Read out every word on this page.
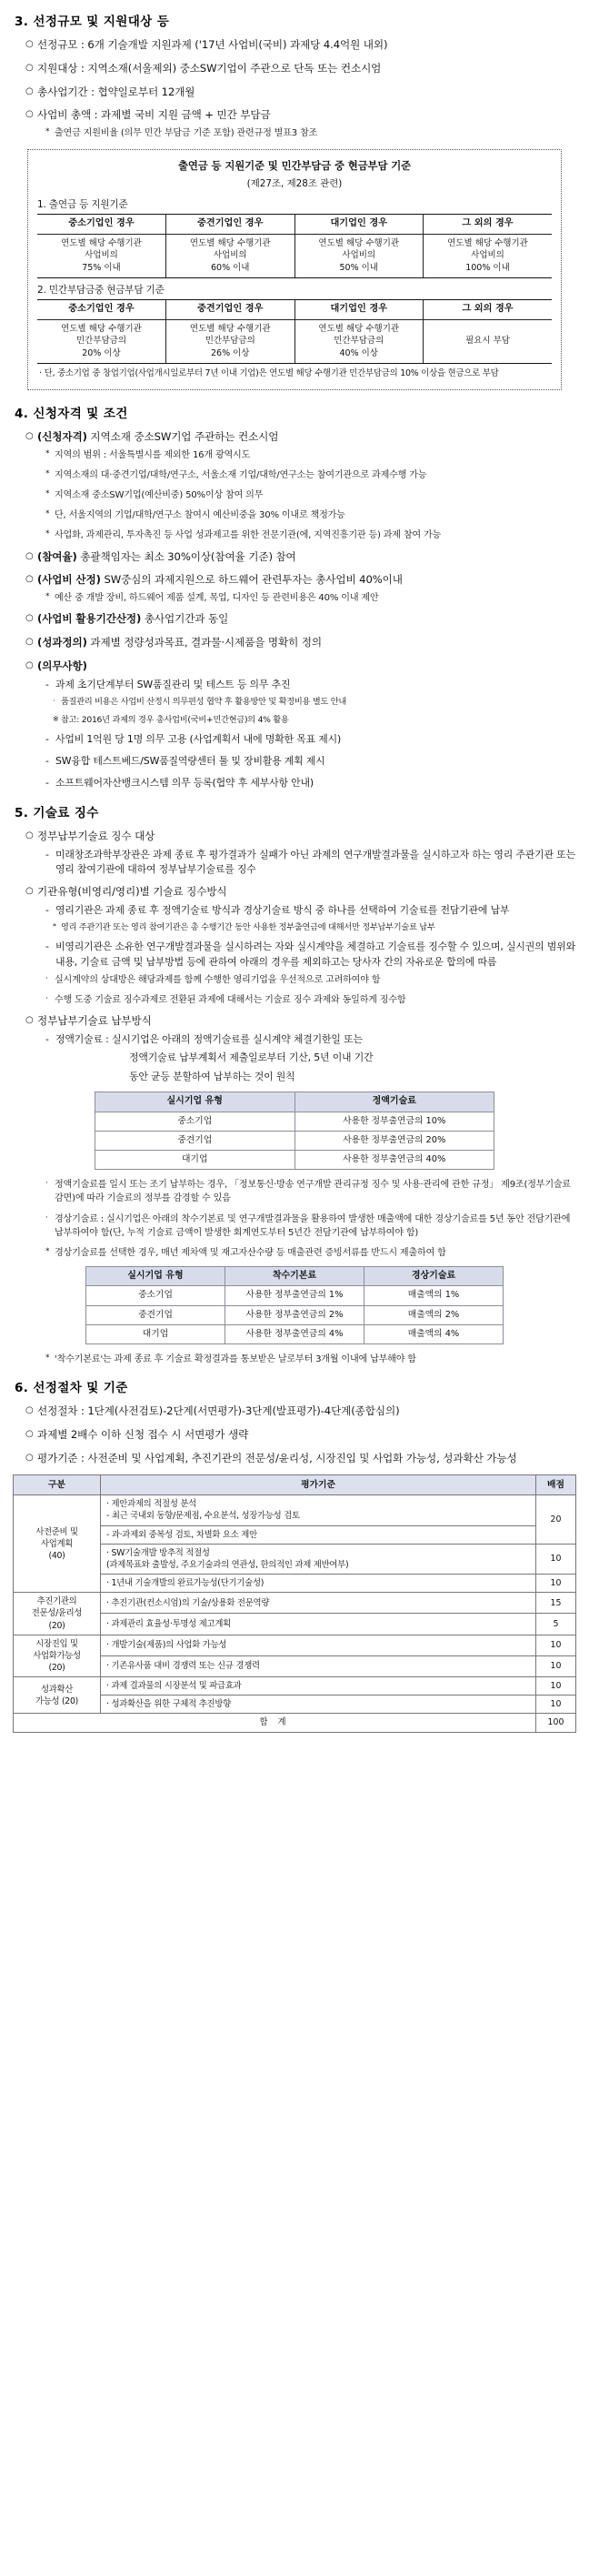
3. 선정규모 및 지원대상 등
○ 선정규모 : 6개 기술개발 지원과제 ('17년 사업비(국비) 과제당 4.4억원 내외)
○ 지원대상 : 지역소재(서울제외) 중소SW기업이 주관으로 단독 또는 컨소시엄
○ 총사업기간 : 협약일로부터 12개월
○ 사업비 총액 : 과제별 국비 지원 금액 + 민간 부담금
* 출연금 지원비율 (의무 민간 부담금 기준 포함) 관련규정 별표3 참조
출연금 등 지원기준 및 민간부담금 중 현금부담 기준
(제27조, 제28조 관련)
1. 출연금 등 지원기준
중소기업인 경우	중견기업인 경우	대기업인 경우	그 외의 경우
연도별 해당 수행기관
사업비의
75% 이내	연도별 해당 수행기관
사업비의
60% 이내	연도별 해당 수행기관
사업비의
50% 이내	연도별 해당 수행기관
사업비의
100% 이내
2. 민간부담금중 현금부담 기준
중소기업인 경우	중견기업인 경우	대기업인 경우	그 외의 경우
연도별 해당 수행기관
민간부담금의
20% 이상	연도별 해당 수행기관
민간부담금의
26% 이상	연도별 해당 수행기관
민간부담금의
40% 이상	필요시 부담
· 단, 중소기업 중 창업기업(사업개시일로부터 7년 이내 기업)은 연도별 해당 수행기관 민간부담금의 10% 이상을 현금으로 부담
4. 신청자격 및 조건
○ (신청자격) 지역소재 중소SW기업 주관하는 컨소시엄
* 지역의 범위 : 서울특별시를 제외한 16개 광역시도
* 지역소재의 대·중견기업/대학/연구소, 서울소재 기업/대학/연구소는 참여기관으로 과제수행 가능
* 지역소재 중소SW기업(예산비중) 50%이상 참여 의무
* 단, 서울지역의 기업/대학/연구소 참여시 예산비중을 30% 이내로 책정가능
* 사업화, 과제관리, 투자촉진 등 사업 성과제고를 위한 전문기관(에, 지역진흥기관 등) 과제 참여 가능
○ (참여율) 총괄책임자는 최소 30%이상(참여율 기준) 참여
○ (사업비 산정) SW중심의 과제지원으로 하드웨어 관련투자는 총사업비 40%이내
* 예산 중 개발 장비, 하드웨어 제품 설계, 목업, 디자인 등 관련비용은 40% 이내 제안
○ (사업비 활용기간산정) 총사업기간과 동일
○ (성과정의) 과제별 정량성과목표, 결과물·시제품을 명확히 정의
○ (의무사항)
- 과제 초기단계부터 SW품질관리 및 테스트 등 의무 추진
· 품질관리 비용은 사업비 산정시 의무편성 협약 후 활용방안 및 확정비용 별도 안내
※ 참고: 2016년 과제의 경우 총사업비(국비+민간현금)의 4% 활용
- 사업비 1억원 당 1명 의무 고용 (사업계획서 내에 명확한 목표 제시)
- SW융합 테스트베드/SW품질역량센터 툴 및 장비활용 계획 제시
- 소프트웨어자산뱅크시스템 의무 등록(협약 후 세부사항 안내)
5. 기술료 징수
○ 정부납부기술료 징수 대상
- 미래창조과학부장관은 과제 종료 후 평가결과가 실패가 아닌 과제의 연구개발결과물을 실시하고자 하는 영리 주관기관 또는 영리 참여기관에 대하여 정부납부기술료를 징수
○ 기관유형(비영리/영리)별 기술료 징수방식
- 영리기관은 과제 종료 후 정액기술료 방식과 경상기술료 방식 중 하나를 선택하여 기술료를 전담기관에 납부
* 영리 주관기관 또는 영리 참여기관은 총 수행기간 동안 사용한 정부출연금에 대해서만 정부납부기술료 납부
- 비영리기관은 소유한 연구개발결과물을 실시하려는 자와 실시계약을 체결하고 기술료를 징수할 수 있으며, 실시권의 범위와 내용, 기술료 금액 및 납부방법 등에 관하여 아래의 경우를 제외하고는 당사자 간의 자유로운 합의에 따름
· 실시계약의 상대방은 해당과제를 함께 수행한 영리기업을 우선적으로 고려하여야 함
· 수행 도중 기술료 징수과제로 전환된 과제에 대해서는 기술료 징수 과제와 동일하게 징수함
○ 정부납부기술료 납부방식
- 정액기술료 : 실시기업은 아래의 정액기술료를 실시계약 체결기한일 또는
정액기술료 납부계획서 제출일로부터 기산, 5년 이내 기간
동안 균등 분할하여 납부하는 것이 원칙
실시기업 유형	정액기술료
중소기업	사용한 정부출연금의 10%
중견기업	사용한 정부출연금의 20%
대기업	사용한 정부출연금의 40%
· 정액기술료를 일시 또는 조기 납부하는 경우, 「정보통신·방송 연구개발 관리규정 징수 및 사용·관리에 관한 규정」 제9조(정부기술료 감면)에 따라 기술료의 정부를 감경할 수 있음
· 경상기술료 : 실시기업은 아래의 착수기본료 및 연구개발결과물을 활용하여 발생한 매출액에 대한 경상기술료를 5년 동안 전담기관에 납부하여야 함(단, 누적 기술료 금액이 발생한 회계연도부터 5년간 전담기관에 납부하여야 함)
* 경상기술료를 선택한 경우, 매년 제차액 및 재고자산수량 등 매출관련 증빙서류를 반드시 제출하여 함
실시기업 유형	착수기본료	경상기술료
중소기업	사용한 정부출연금의 1%	매출액의 1%
중견기업	사용한 정부출연금의 2%	매출액의 2%
대기업	사용한 정부출연금의 4%	매출액의 4%
* '착수기본료'는 과제 종료 후 기술료 확정결과를 통보받은 날로부터 3개월 이내에 납부해야 함
6. 선정절차 및 기준
○ 선정절차 : 1단계(사전검토)-2단계(서면평가)-3단계(발표평가)-4단계(종합심의)
○ 과제별 2배수 이하 신청 접수 시 서면평가 생략
○ 평가기준 : 사전준비 및 사업계획, 추진기관의 전문성/윤리성, 시장진입 및 사업화 가능성, 성과확산 가능성
구분	평가기준	배점
사전준비 및
사업계획
(40)	· 제안과제의 적절성 분석
- 최근 국내외 동향/문제점, 수요분석, 성장가능성 검토	20

	- 과·과제외 중복성 검토, 차별화 요소 제안	

	· SW기술개발 방추적 적절성
(과제목표와 출발성, 주요기술과의 연관성, 한의적인 과제 제반여부)	10

	· 1년내 기술개발의 완료가능성(단기기술성)	10
추진기관의
전문성/윤리성
(20)	· 추진기관(컨소시엄)의 기술/상용화 전문역량	15

	· 과제관리 효율성·투명성 제고계획	5
시장진입 및
사업화가능성
(20)	· 개발기술(제품)의 사업화 가능성	10

	· 기존유사품 대비 경쟁력 또는 신규 경쟁력	10
성과확산
가능성 (20)	· 과제 결과물의 시장분석 및 파급효과	10

	· 성과확산을 위한 구체적 추진방향	10
합 계		100
